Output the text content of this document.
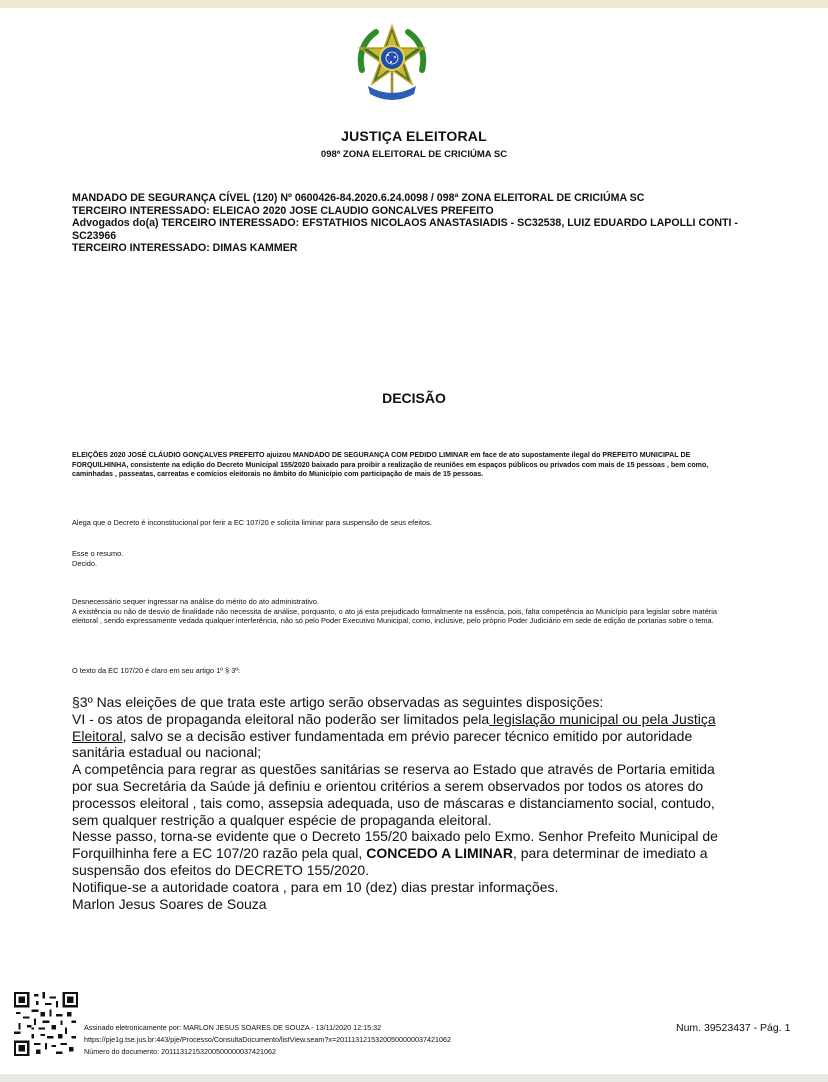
JUSTIÇA ELEITORAL
098ª ZONA ELEITORAL DE CRICIÚMA SC
MANDADO DE SEGURANÇA CÍVEL (120) Nº 0600426-84.2020.6.24.0098 / 098ª ZONA ELEITORAL DE CRICIÚMA SC
TERCEIRO INTERESSADO: ELEICAO 2020 JOSE CLAUDIO GONCALVES PREFEITO
Advogados do(a) TERCEIRO INTERESSADO: EFSTATHIOS NICOLAOS ANASTASIADIS - SC32538, LUIZ EDUARDO LAPOLLI CONTI - SC23966
TERCEIRO INTERESSADO: DIMAS KAMMER
DECISÃO
ELEIÇÕES 2020 JOSÉ CLÁUDIO GONÇALVES PREFEITO ajuizou MANDADO DE SEGURANÇA COM PEDIDO LIMINAR em face de ato supostamente ilegal do PREFEITO MUNICIPAL DE FORQUILHINHA, consistente na edição do Decreto Municipal 155/2020 baixado para proibir a realização de reuniões em espaços públicos ou privados com mais de 15 pessoas , bem como, caminhadas , passeatas, carreatas e comícios eleitorais no âmbito do Município com participação de mais de 15 pessoas.
Alega que o Decreto é inconstitucional por ferir a EC 107/20 e solicita liminar para suspensão de seus efeitos.
Esse o resumo.
Decido.
Desnecessário sequer ingressar na análise do mérito do ato administrativo.
A existência ou não de desvio de finalidade não necessita de análise, porquanto, o ato já esta prejudicado formalmente na essência, pois, falta competência ao Município para legislar sobre matéria eleitoral , sendo expressamente vedada qualquer interferência, não só pelo Poder Executivo Municipal, como, inclusive, pelo próprio Poder Judiciário em sede de edição de portarias sobre o tema.
O texto da EC 107/20 é claro em seu artigo 1º § 3º:

§3º Nas eleições de que trata este artigo serão observadas as seguintes disposições:

VI - os atos de propaganda eleitoral não poderão ser limitados pela legislação municipal ou pela Justiça Eleitoral, salvo se a decisão estiver fundamentada em prévio parecer técnico emitido por autoridade sanitária estadual ou nacional;

A competência para regrar as questões sanitárias se reserva ao Estado que através de Portaria emitida por sua Secretária da Saúde já definiu e orientou critérios a serem observados por todos os atores do processos eleitoral , tais como, assepsia adequada, uso de máscaras e distanciamento social, contudo, sem qualquer restrição a qualquer espécie de propaganda eleitoral.

Nesse passo, torna-se evidente que o Decreto 155/20 baixado pelo Exmo. Senhor Prefeito Municipal de Forquilhinha fere a EC 107/20 razão pela qual, CONCEDO A LIMINAR, para determinar de imediato a suspensão dos efeitos do DECRETO 155/2020.

Notifique-se a autoridade coatora , para em 10 (dez) dias prestar informações.

Marlon Jesus Soares de Souza

Assinado eletronicamente por: MARLON JESUS SOARES DE SOUZA - 13/11/2020 12:15:32
https://pje1g.tse.jus.br:443/pje/Processo/ConsultaDocumento/listView.seam?x=20111312153200500000037421062
Número do documento: 20111312153200500000037421062
Num. 39523437 - Pág. 1
